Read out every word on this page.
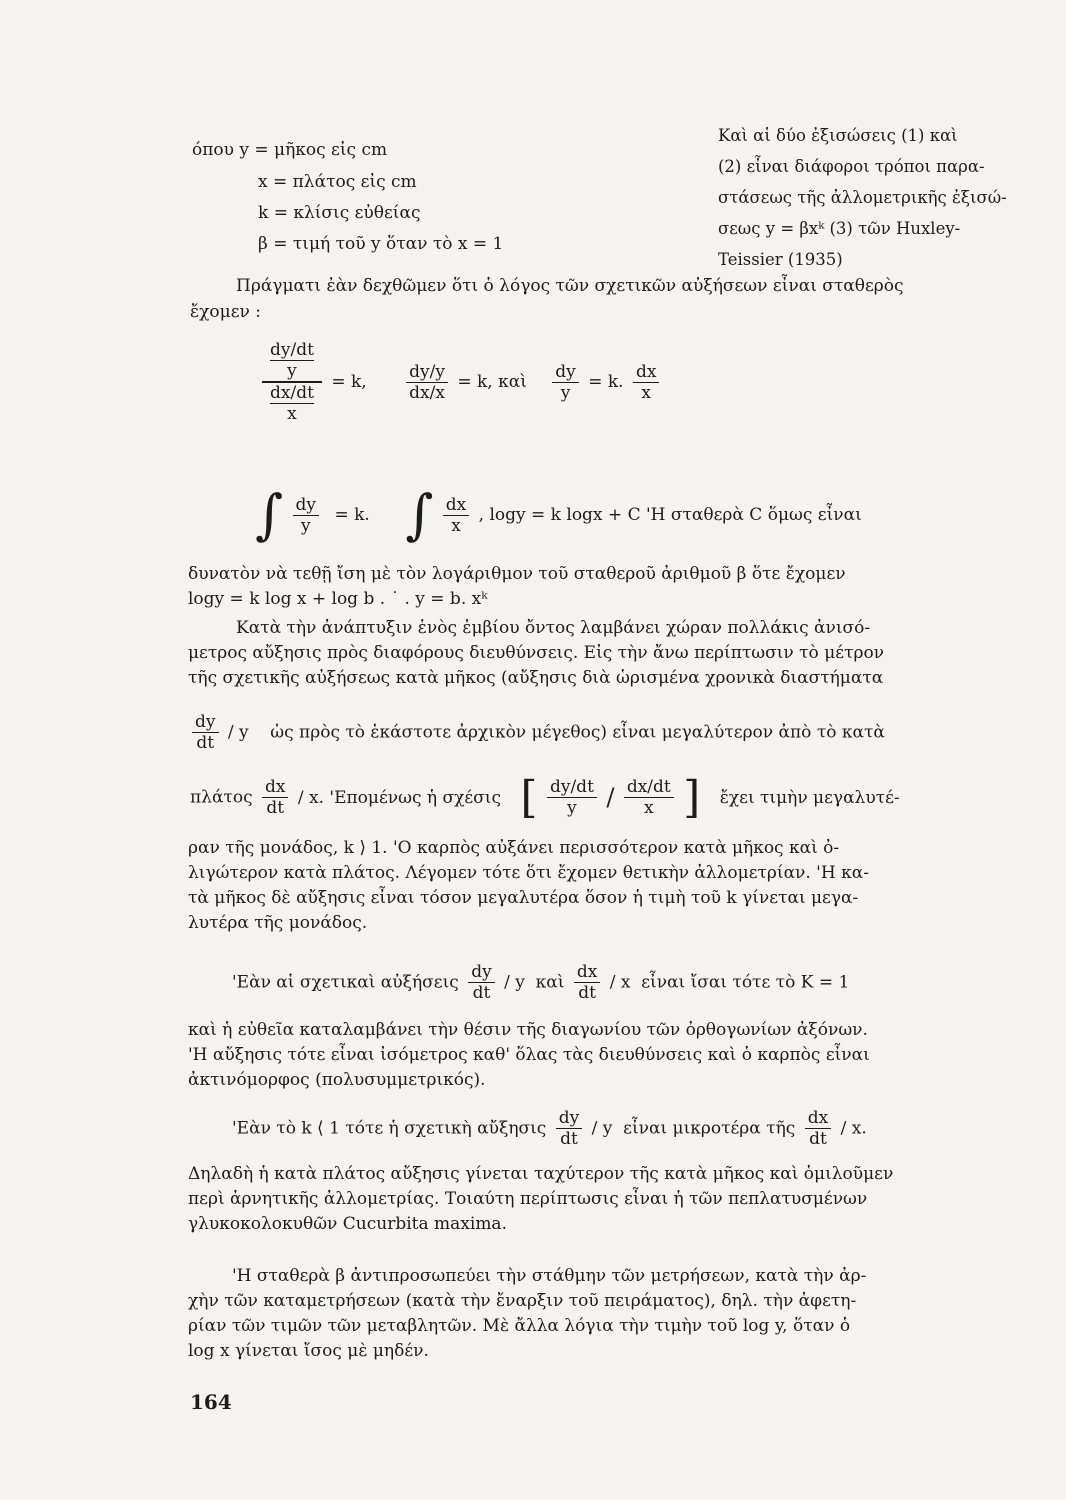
όπου y = μῆκος εἰς cm
x = πλάτος εἰς cm
k = κλίσις εὐθείας
β = τιμή τοῦ y ὅταν τὸ x = 1
Καὶ αἱ δύο ἐξισώσεις (1) καὶ
(2) εἶναι διάφοροι τρόποι παρα-
στάσεως τῆς ἀλλομετρικῆς ἐξισώ-
σεως y = βxᵏ (3) τῶν Huxley-
Teissier (1935)
Πράγματι ἐὰν δεχθῶμεν ὅτι ὁ λόγος τῶν σχετικῶν αὐξήσεων εἶναι σταθερὸς
ἔχομεν :
dy/dt
y
dx/dt
x = k, $\frac{dy/y}{dx/x} = k$, καὶ $\frac{dy}{y} = k$. $\frac{dx}{x}$
∫ $\frac{dy}{y} = k$. ∫ $\frac{dx}{x}$ , logy = k logx + C 'Η σταθερὰ C ὅμως εἶναι
δυνατὸν νὰ τεθῇ ἴση μὲ τὸν λογάριθμον τοῦ σταθεροῦ ἀριθμοῦ β ὅτε ἔχομεν
logy = k log x + log b . ˙ . y = b. xᵏ
Κατὰ τὴν ἀνάπτυξιν ἑνὸς ἐμβίου ὄντος λαμβάνει χώραν πολλάκις ἀνισό-
μετρος αὔξησις πρὸς διαφόρους διευθύνσεις. Εἰς τὴν ἄνω περίπτωσιν τὸ μέτρον
τῆς σχετικῆς αὐξήσεως κατὰ μῆκος (αὔξησις διὰ ὡρισμένα χρονικὰ διαστήματα
$\frac{dy}{dt}$ / y    ὡς πρὸς τὸ ἑκάστοτε ἀρχικὸν μέγεθος) εἶναι μεγαλύτερον ἀπὸ τὸ κατὰ
πλάτος $\frac{dx}{dt}$ / x. 'Επομένως ἡ σχέσις [ $\frac{dy/dt}{y} / \frac{dx/dt}{x}$ ] ἔχει τιμὴν μεγαλυτέ-
ραν τῆς μονάδος, k ⟩ 1. 'Ο καρπὸς αὐξάνει περισσότερον κατὰ μῆκος καὶ ὀ-
λιγώτερον κατὰ πλάτος. Λέγομεν τότε ὅτι ἔχομεν θετικὴν ἀλλομετρίαν. 'Η κα-
τὰ μῆκος δὲ αὔξησις εἶναι τόσον μεγαλυτέρα ὅσον ἡ τιμὴ τοῦ k γίνεται μεγα-
λυτέρα τῆς μονάδος.
'Εὰν αἱ σχετικαὶ αὐξήσεις $\frac{dy}{dt}$ / y  καὶ $\frac{dx}{dt}$ / x  εἶναι ἴσαι τότε τὸ K = 1
καὶ ἡ εὐθεῖα καταλαμβάνει τὴν θέσιν τῆς διαγωνίου τῶν ὀρθογωνίων ἀξόνων.
'Η αὔξησις τότε εἶναι ἰσόμετρος καθ' ὅλας τὰς διευθύνσεις καὶ ὁ καρπὸς εἶναι
ἀκτινόμορφος (πολυσυμμετρικός).
'Εὰν τὸ k ⟨ 1 τότε ἡ σχετικὴ αὔξησις $\frac{dy}{dt}$ / y  εἶναι μικροτέρα τῆς $\frac{dx}{dt}$ / x.
Δηλαδὴ ἡ κατὰ πλάτος αὔξησις γίνεται ταχύτερον τῆς κατὰ μῆκος καὶ ὁμιλοῦμεν
περὶ ἀρνητικῆς ἀλλομετρίας. Τοιαύτη περίπτωσις εἶναι ἡ τῶν πεπλατυσμένων
γλυκοκολοκυθῶν Cucurbita maxima.
'Η σταθερὰ β ἀντιπροσωπεύει τὴν στάθμην τῶν μετρήσεων, κατὰ τὴν ἀρ-
χὴν τῶν καταμετρήσεων (κατὰ τὴν ἔναρξιν τοῦ πειράματος), δηλ. τὴν ἀφετη-
ρίαν τῶν τιμῶν τῶν μεταβλητῶν. Μὲ ἄλλα λόγια τὴν τιμὴν τοῦ log y, ὅταν ὁ
log x γίνεται ἴσος μὲ μηδέν.
164
